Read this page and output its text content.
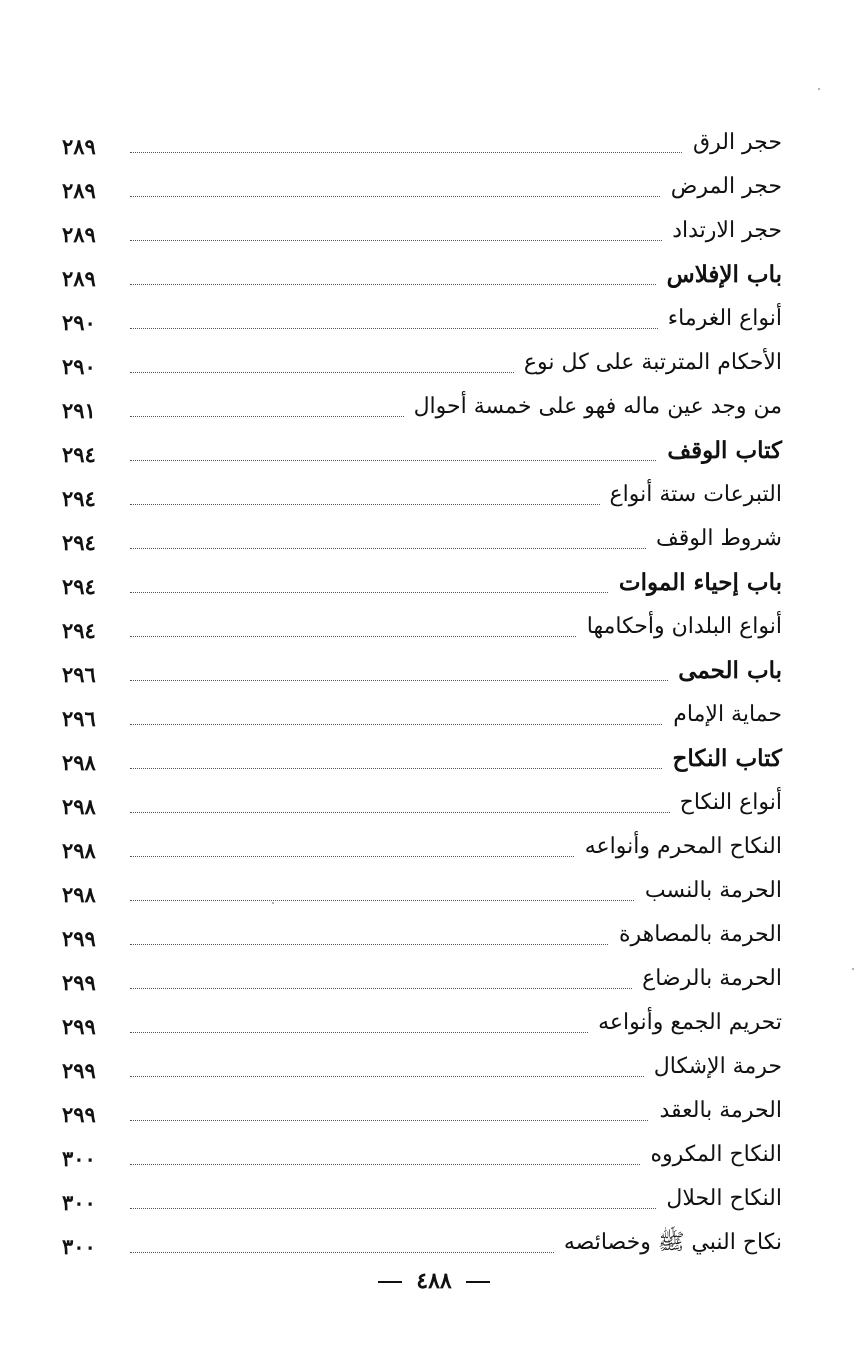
حجر الرق
٢٨٩
حجر المرض
٢٨٩
حجر الارتداد
٢٨٩
باب الإفلاس
٢٨٩
أنواع الغرماء
٢٩٠
الأحكام المترتبة على كل نوع
٢٩٠
من وجد عين ماله فهو على خمسة أحوال
٢٩١
كتاب الوقف
٢٩٤
التبرعات ستة أنواع
٢٩٤
شروط الوقف
٢٩٤
باب إحياء الموات
٢٩٤
أنواع البلدان وأحكامها
٢٩٤
باب الحمى
٢٩٦
حماية الإمام
٢٩٦
كتاب النكاح
٢٩٨
أنواع النكاح
٢٩٨
النكاح المحرم وأنواعه
٢٩٨
الحرمة بالنسب
٢٩٨
الحرمة بالمصاهرة
٢٩٩
الحرمة بالرضاع
٢٩٩
تحريم الجمع وأنواعه
٢٩٩
حرمة الإشكال
٢٩٩
الحرمة بالعقد
٢٩٩
النكاح المكروه
٣٠٠
النكاح الحلال
٣٠٠
نكاح النبي ﷺ وخصائصه
٣٠٠
٤٨٨
